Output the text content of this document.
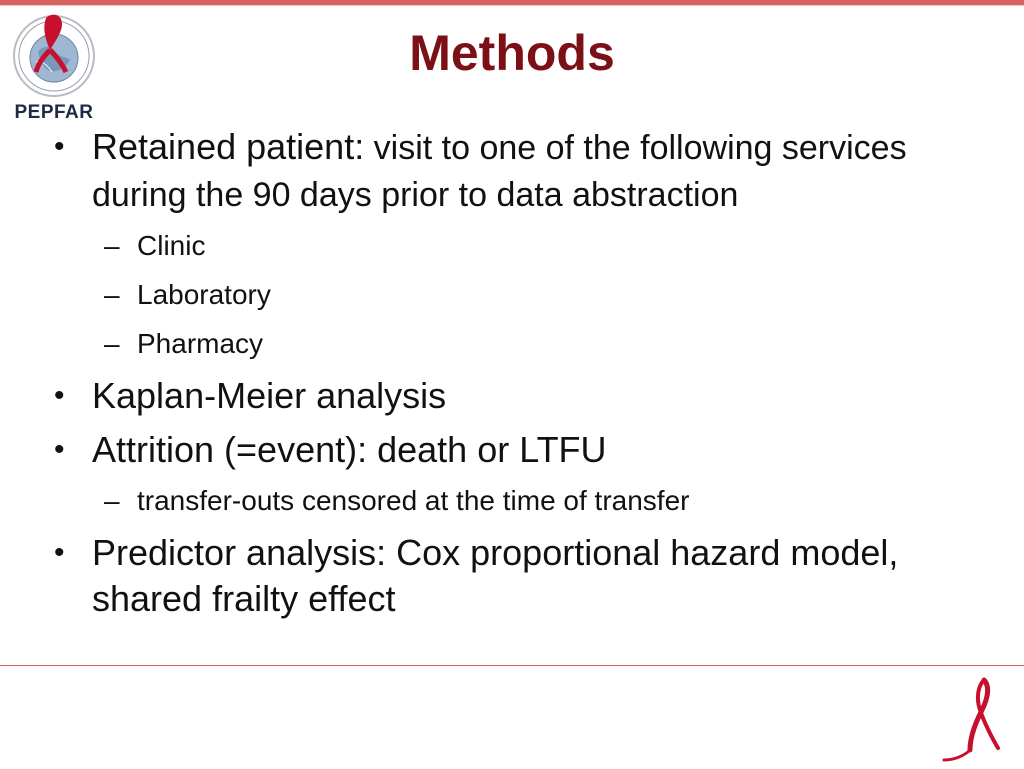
PEPFAR
Methods
• Retained patient: visit to one of the following services during the 90 days prior to data abstraction
– Clinic
– Laboratory
– Pharmacy
• Kaplan-Meier analysis
• Attrition (=event): death or LTFU
– transfer-outs censored at the time of transfer
• Predictor analysis: Cox proportional hazard model, shared frailty effect
